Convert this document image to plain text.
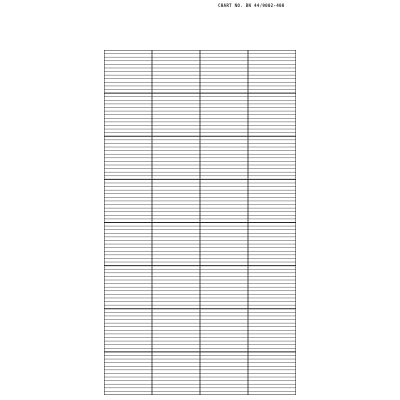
CHART NO. BN 44/9002-400
